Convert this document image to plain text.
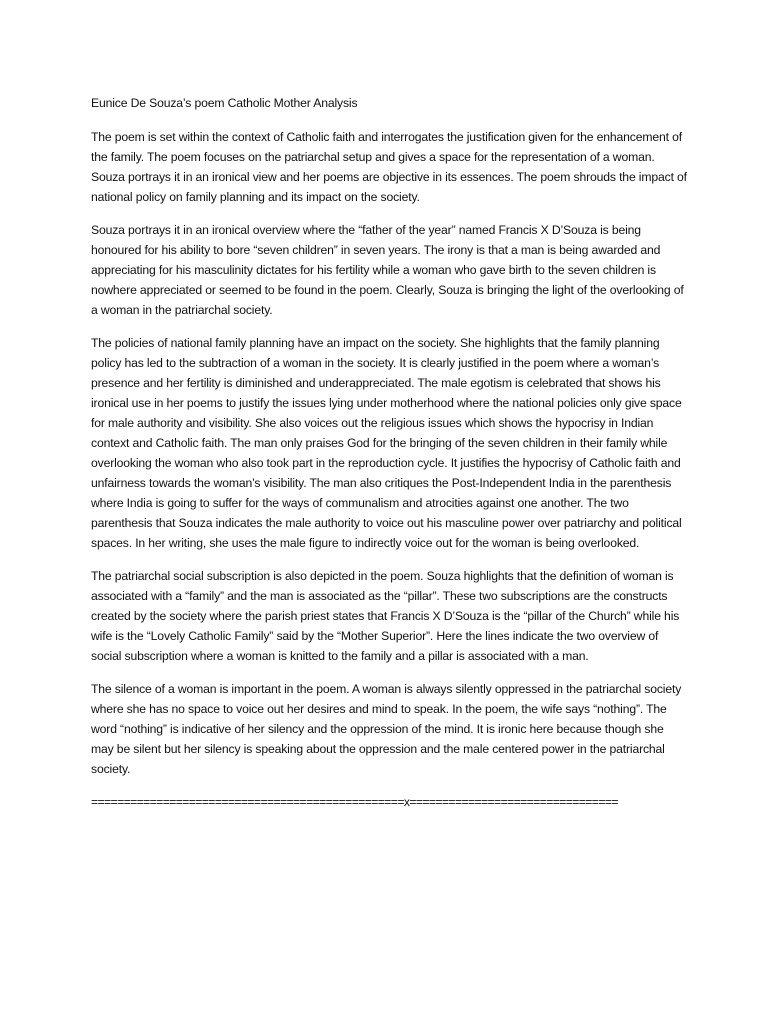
Eunice De Souza’s poem Catholic Mother Analysis

The poem is set within the context of Catholic faith and interrogates the justification given for the enhancement of the family. The poem focuses on the patriarchal setup and gives a space for the representation of a woman. Souza portrays it in an ironical view and her poems are objective in its essences. The poem shrouds the impact of national policy on family planning and its impact on the society.

Souza portrays it in an ironical overview where the “father of the year” named Francis X D’Souza is being honoured for his ability to bore “seven children” in seven years. The irony is that a man is being awarded and appreciating for his masculinity dictates for his fertility while a woman who gave birth to the seven children is nowhere appreciated or seemed to be found in the poem. Clearly, Souza is bringing the light of the overlooking of a woman in the patriarchal society.

The policies of national family planning have an impact on the society. She highlights that the family planning policy has led to the subtraction of a woman in the society. It is clearly justified in the poem where a woman’s presence and her fertility is diminished and underappreciated. The male egotism is celebrated that shows his ironical use in her poems to justify the issues lying under motherhood where the national policies only give space for male authority and visibility. She also voices out the religious issues which shows the hypocrisy in Indian context and Catholic faith. The man only praises God for the bringing of the seven children in their family while overlooking the woman who also took part in the reproduction cycle. It justifies the hypocrisy of Catholic faith and unfairness towards the woman’s visibility. The man also critiques the Post-Independent India in the parenthesis where India is going to suffer for the ways of communalism and atrocities against one another. The two parenthesis that Souza indicates the male authority to voice out his masculine power over patriarchy and political spaces. In her writing, she uses the male figure to indirectly voice out for the woman is being overlooked.

The patriarchal social subscription is also depicted in the poem. Souza highlights that the definition of woman is associated with a “family” and the man is associated as the “pillar”. These two subscriptions are the constructs created by the society where the parish priest states that Francis X D’Souza is the “pillar of the Church” while his wife is the “Lovely Catholic Family” said by the “Mother Superior”. Here the lines indicate the two overview of social subscription where a woman is knitted to the family and a pillar is associated with a man.

The silence of a woman is important in the poem. A woman is always silently oppressed in the patriarchal society where she has no space to voice out her desires and mind to speak. In the poem, the wife says “nothing”. The word “nothing” is indicative of her silency and the oppression of the mind. It is ironic here because though she may be silent but her silency is speaking about the oppression and the male centered power in the patriarchal society.

================================================x================================
